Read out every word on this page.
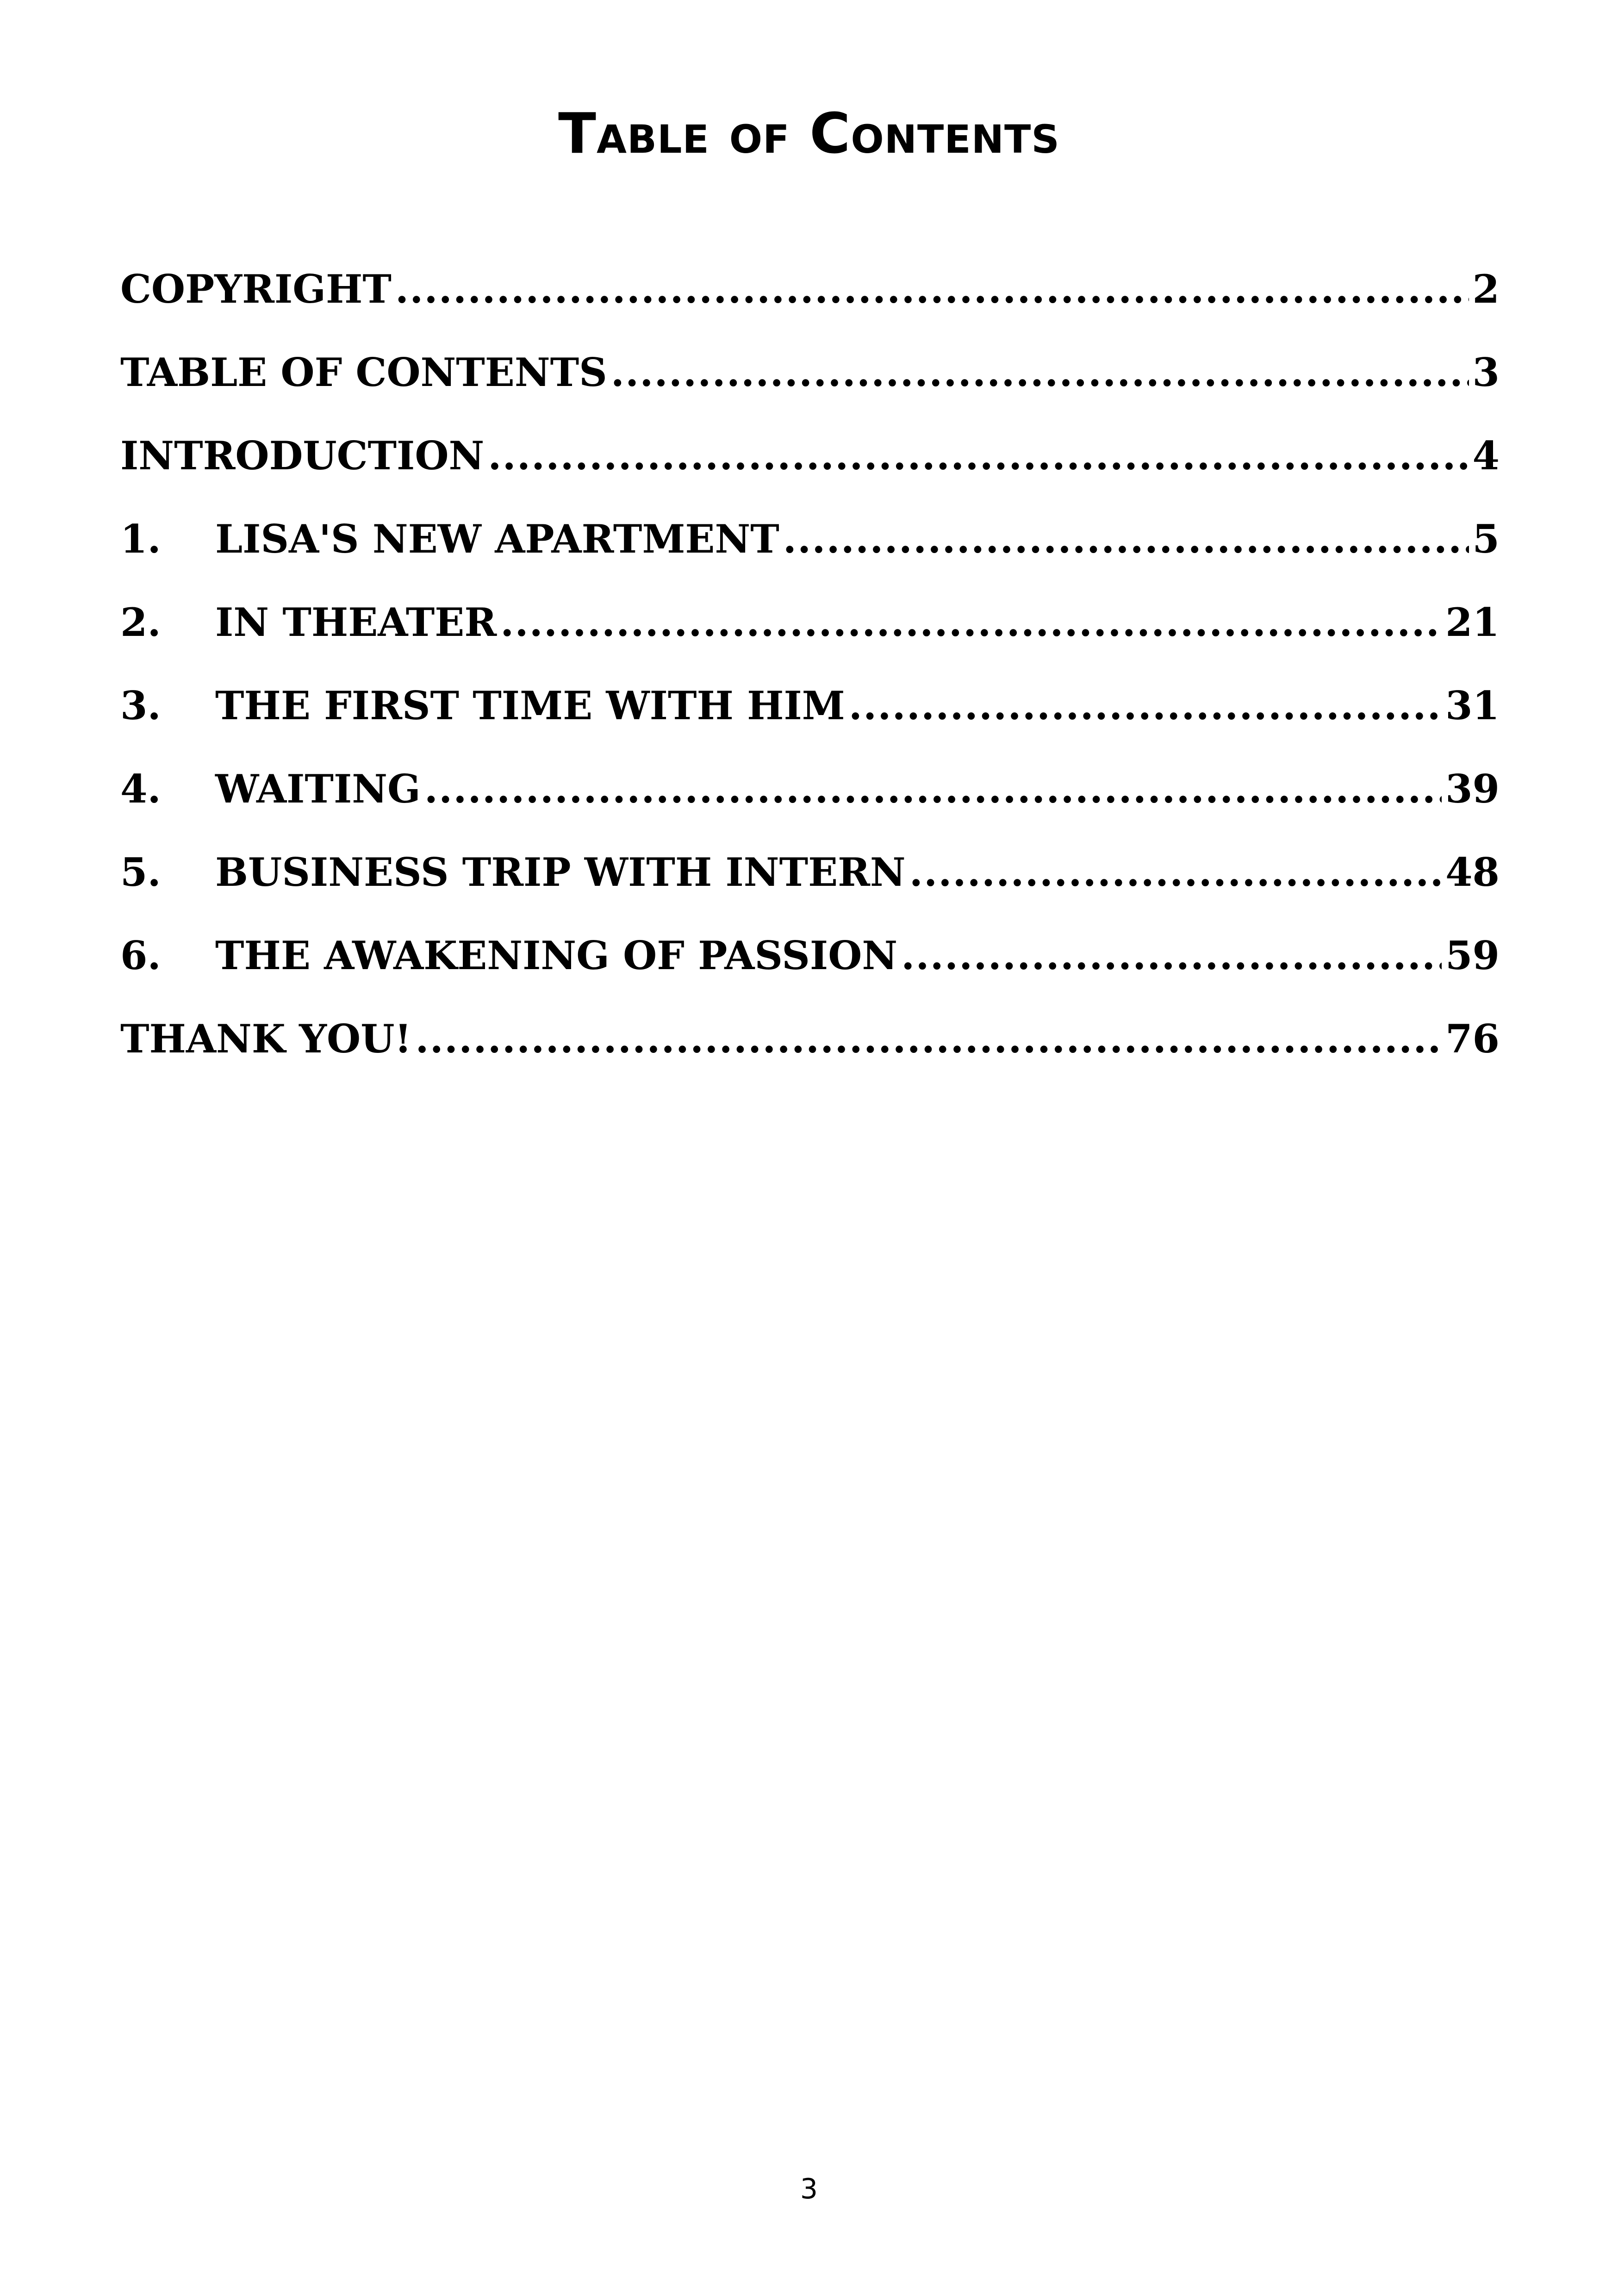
Table of Contents
COPYRIGHT .....	2
TABLE OF CONTENTS .....	3
INTRODUCTION .....	4
1.	LISA'S NEW APARTMENT .....	5
2.	IN THEATER .....	21
3.	THE FIRST TIME WITH HIM .....	31
4.	WAITING .....	39
5.	BUSINESS TRIP WITH INTERN .....	48
6.	THE AWAKENING OF PASSION .....	59
THANK YOU! .....	76
3
